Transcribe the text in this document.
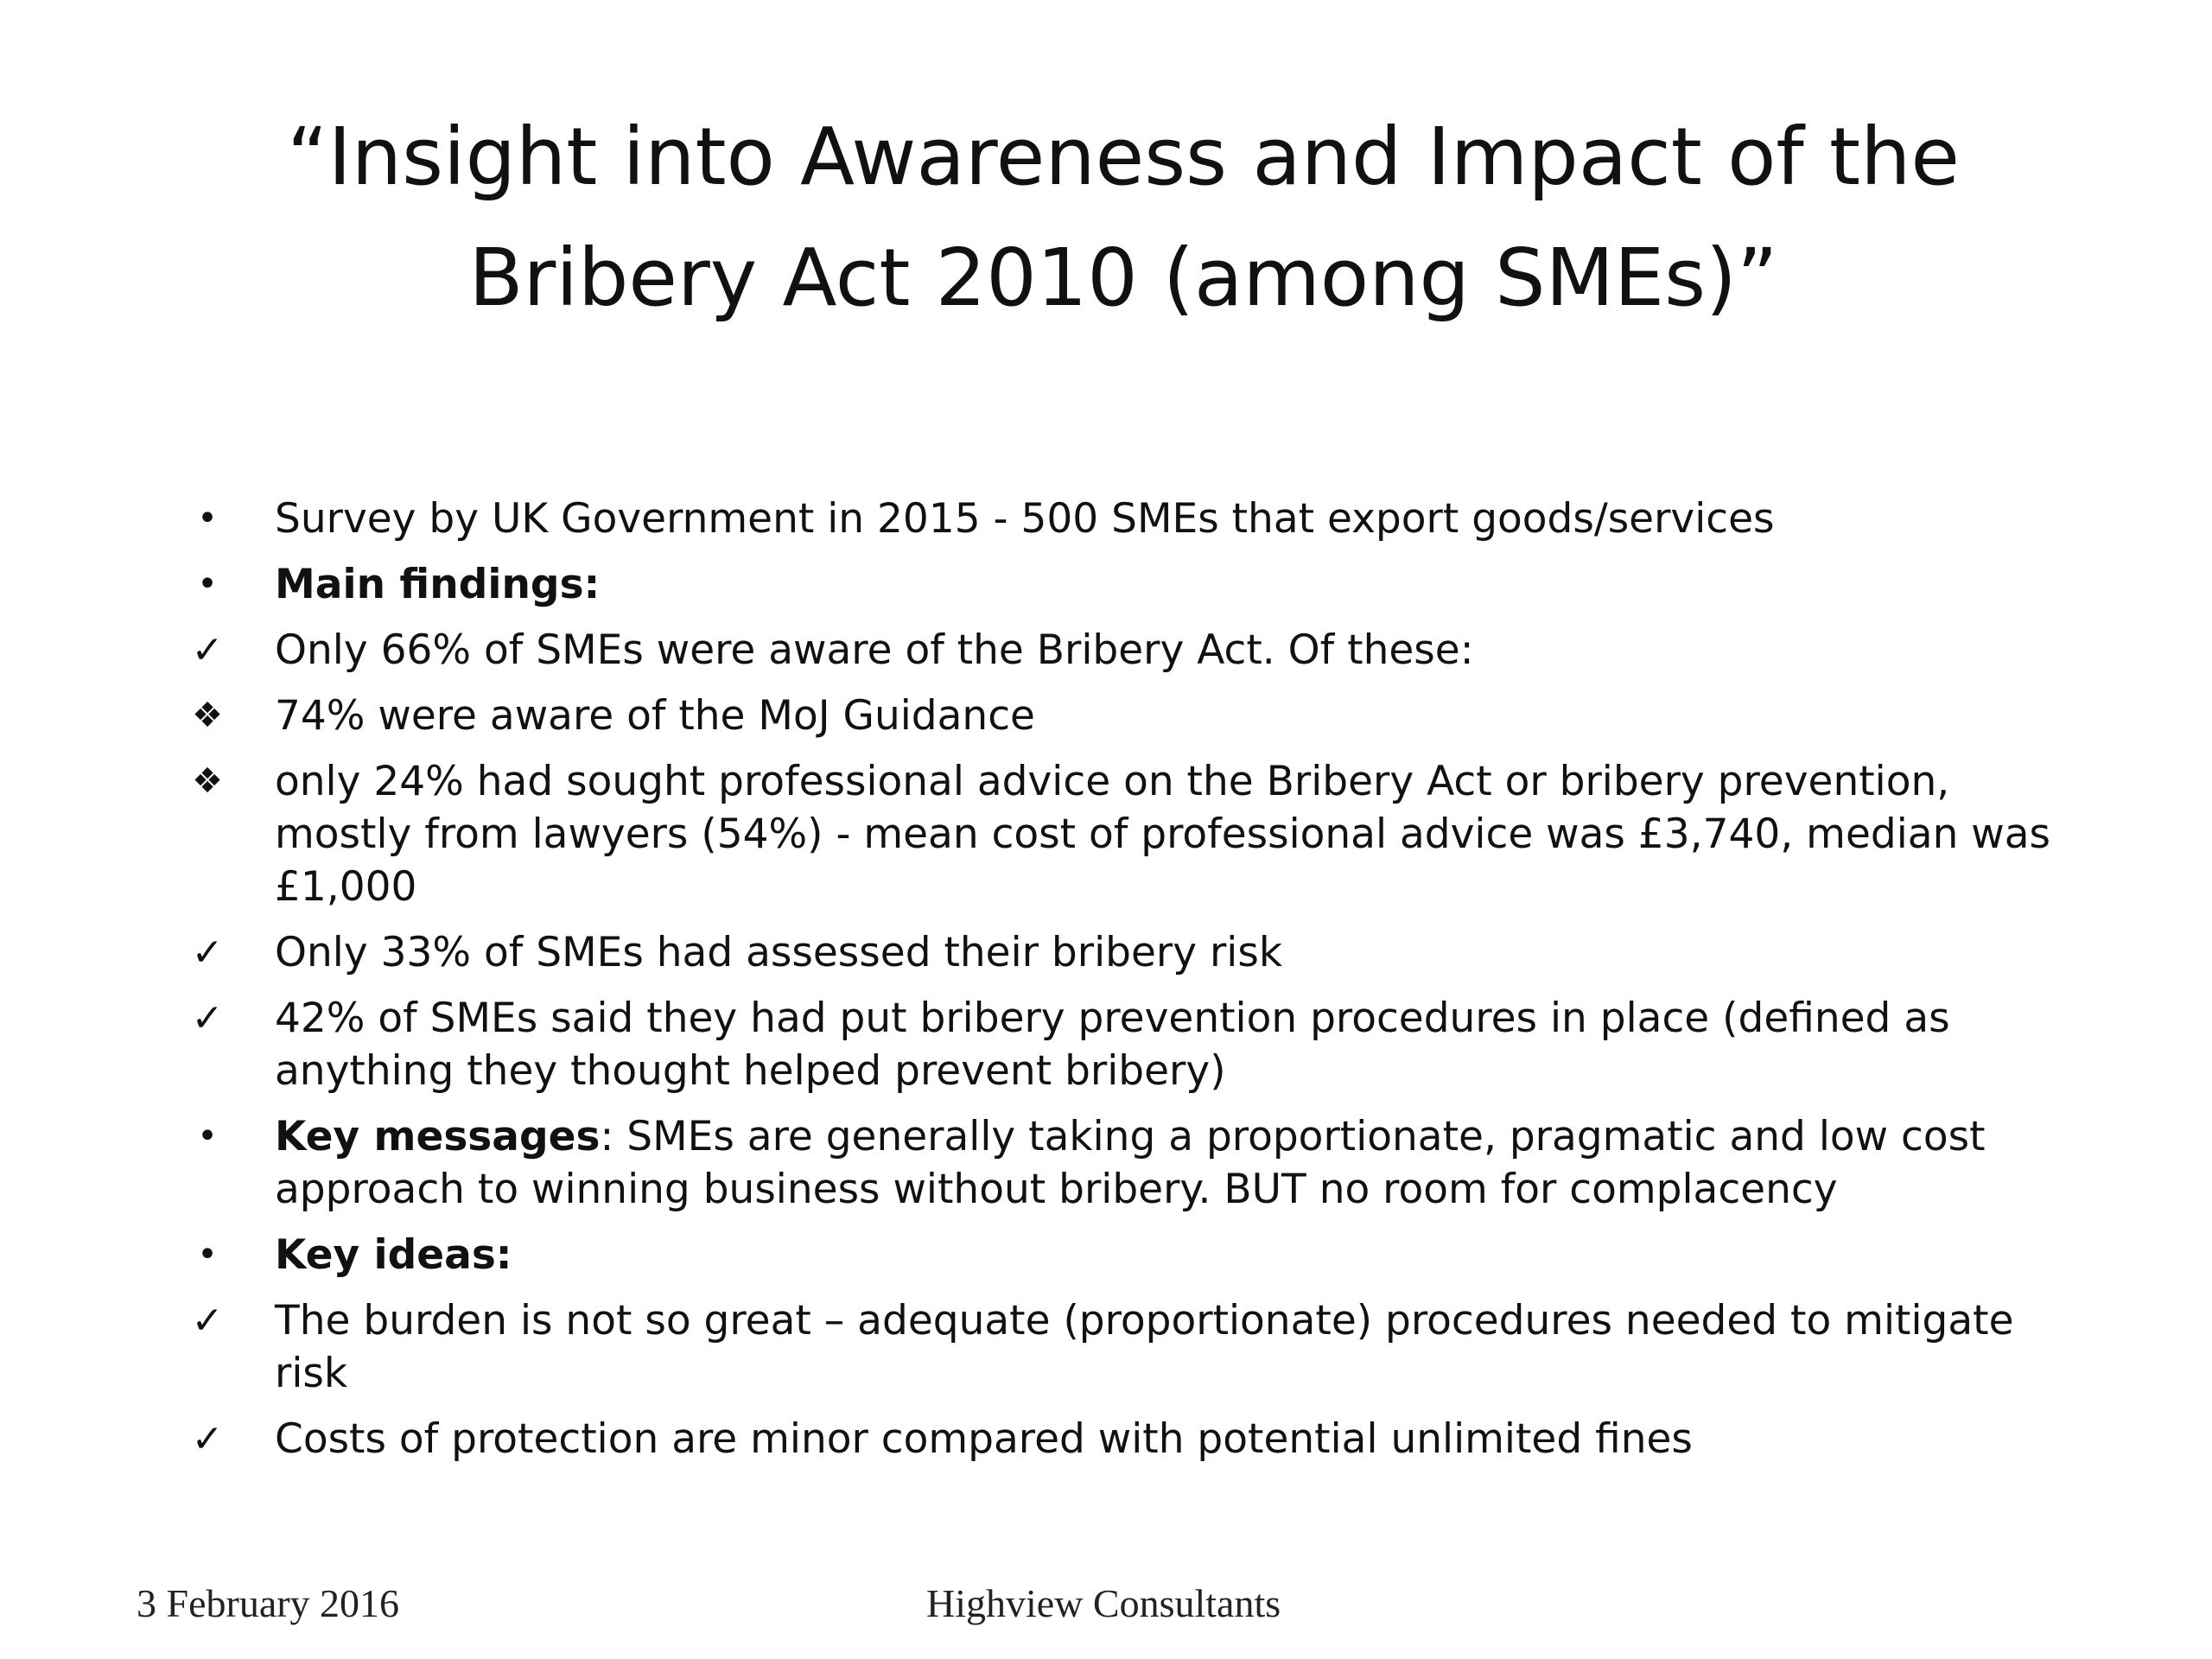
“Insight into Awareness and Impact of the
Bribery Act 2010 (among SMEs)”
•	Survey by UK Government in 2015 - 500 SMEs that export goods/services
•	Main findings:
✓ Only 66% of SMEs were aware of the Bribery Act. Of these:
❖ 74% were aware of the MoJ Guidance
❖ only 24% had sought professional advice on the Bribery Act or bribery prevention, mostly from lawyers (54%) - mean cost of professional advice was £3,740, median was £1,000
✓ Only 33% of SMEs had assessed their bribery risk
✓ 42% of SMEs said they had put bribery prevention procedures in place (defined as anything they thought helped prevent bribery)
•	Key messages: SMEs are generally taking a proportionate, pragmatic and low cost approach to winning business without bribery. BUT no room for complacency
•	Key ideas:
✓ The burden is not so great – adequate (proportionate) procedures needed to mitigate risk
✓ Costs of protection are minor compared with potential unlimited fines
3 February 2016	Highview Consultants
